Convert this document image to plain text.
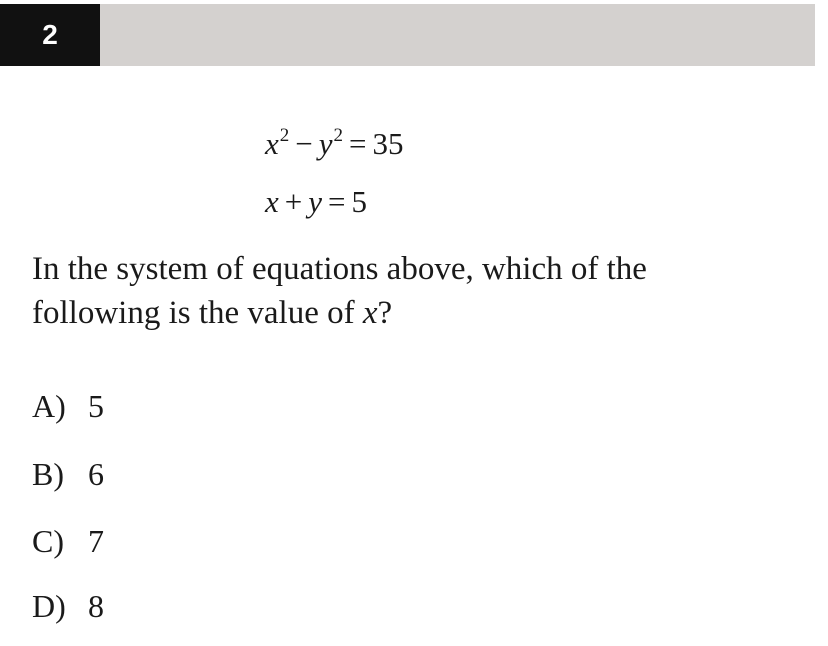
2
$x^2 - y^2 = 35$
x + y = 5
In the system of equations above, which of the
following is the value of x?
A) 5
B) 6
C) 7
D) 8
